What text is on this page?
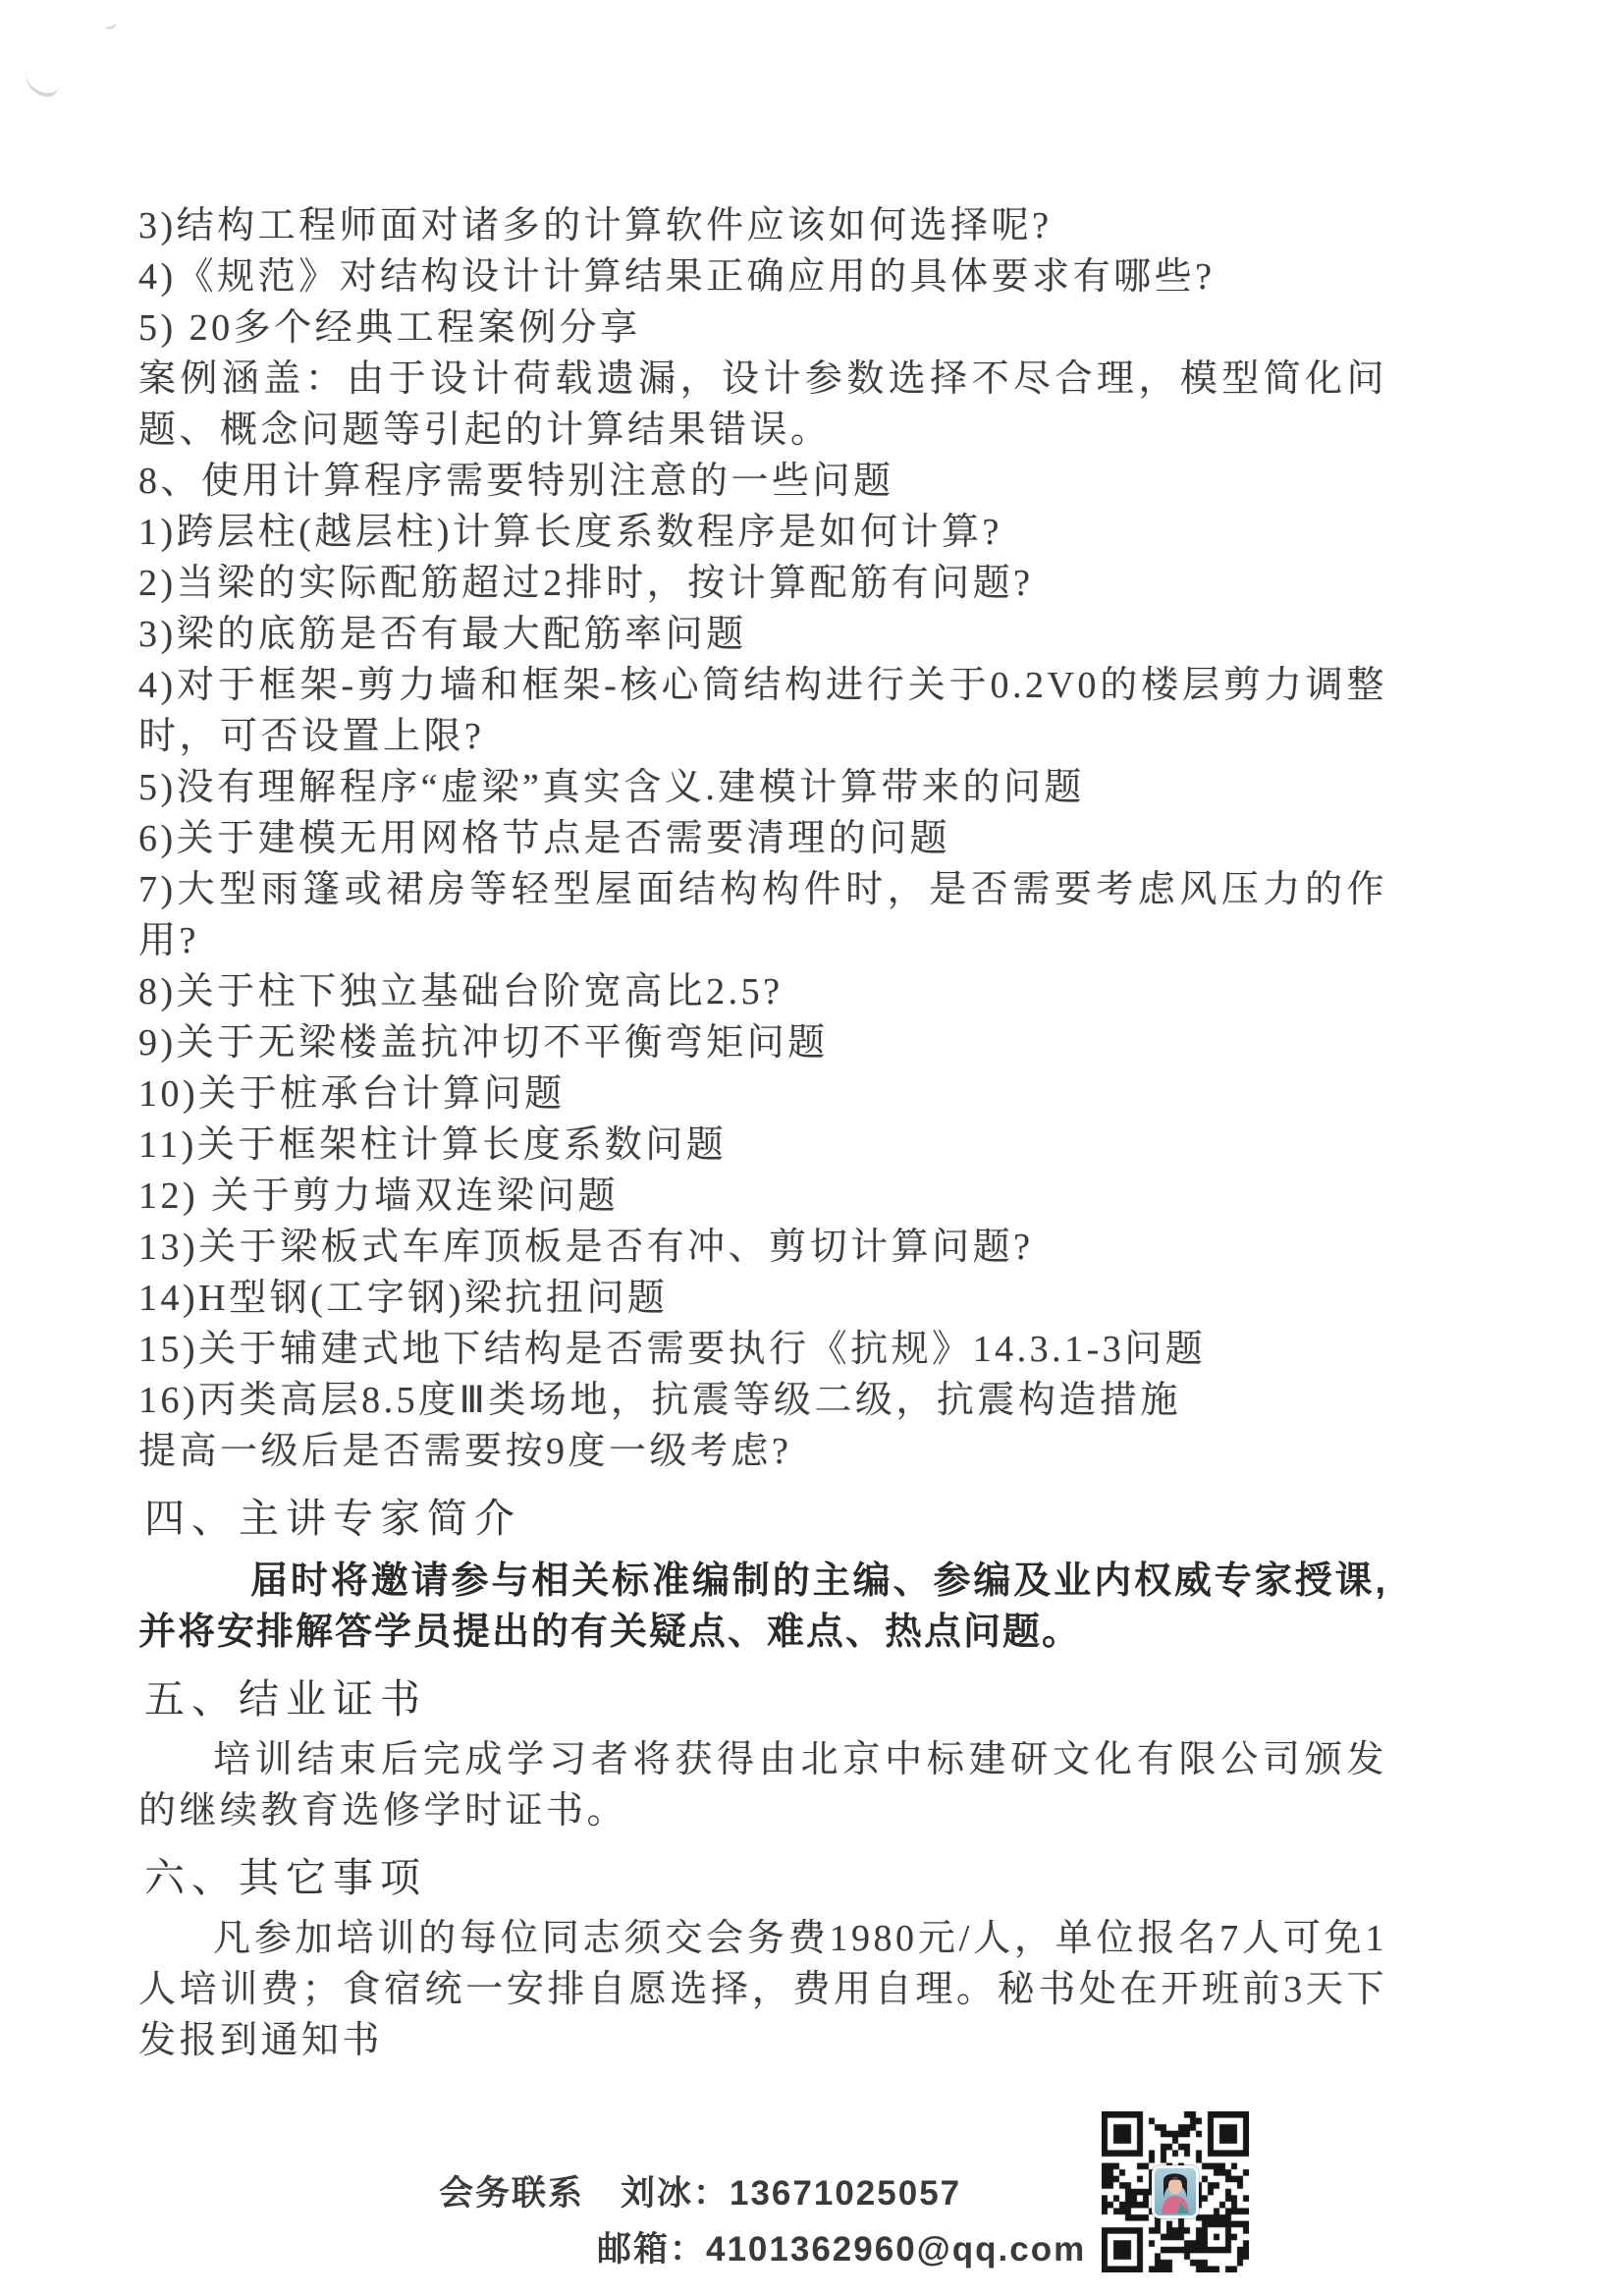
3)结构工程师面对诸多的计算软件应该如何选择呢?

4)《规范》对结构设计计算结果正确应用的具体要求有哪些?

5) 20多个经典工程案例分享

案例涵盖：由于设计荷载遗漏，设计参数选择不尽合理，模型简化问题、概念问题等引起的计算结果错误。

8、使用计算程序需要特别注意的一些问题

1)跨层柱(越层柱)计算长度系数程序是如何计算?

2)当梁的实际配筋超过2排时，按计算配筋有问题?

3)梁的底筋是否有最大配筋率问题

4)对于框架-剪力墙和框架-核心筒结构进行关于0.2V0的楼层剪力调整时，可否设置上限?

5)没有理解程序“虚梁”真实含义.建模计算带来的问题

6)关于建模无用网格节点是否需要清理的问题

7)大型雨篷或裙房等轻型屋面结构构件时，是否需要考虑风压力的作用?

8)关于柱下独立基础台阶宽高比2.5?

9)关于无梁楼盖抗冲切不平衡弯矩问题

10)关于桩承台计算问题

11)关于框架柱计算长度系数问题

12) 关于剪力墙双连梁问题

13)关于梁板式车库顶板是否有冲、剪切计算问题?

14)H型钢(工字钢)梁抗扭问题

15)关于辅建式地下结构是否需要执行《抗规》14.3.1-3问题

16)丙类高层8.5度Ⅲ类场地，抗震等级二级，抗震构造措施

提高一级后是否需要按9度一级考虑?

四、主讲专家简介

届时将邀请参与相关标准编制的主编、参编及业内权威专家授课,并将安排解答学员提出的有关疑点、难点、热点问题。

五、结业证书

培训结束后完成学习者将获得由北京中标建研文化有限公司颁发的继续教育选修学时证书。

六、其它事项

凡参加培训的每位同志须交会务费1980元/人，单位报名7人可免1人培训费；食宿统一安排自愿选择，费用自理。秘书处在开班前3天下发报到通知书

会务联系　刘冰：13671025057
邮箱：4101362960@qq.com
